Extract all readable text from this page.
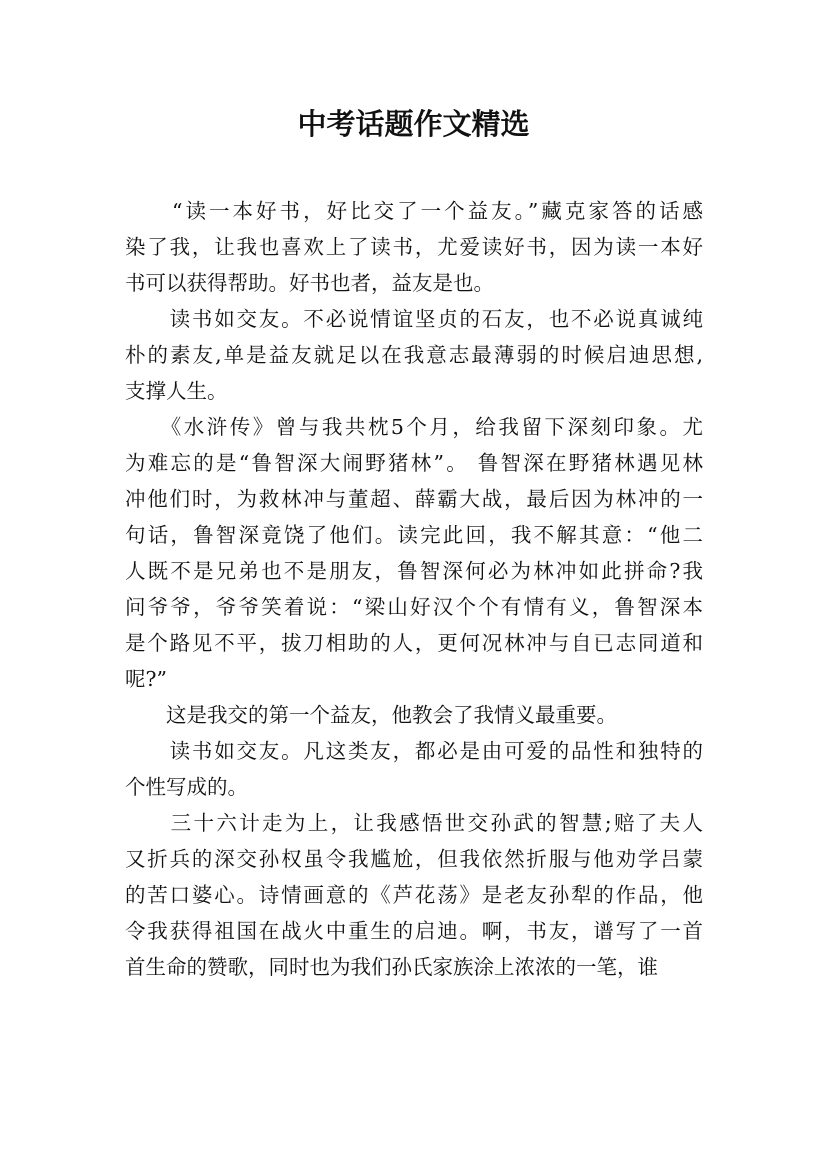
中考话题作文精选
　　“读一本好书，好比交了一个益友。”藏克家答的话感
染了我，让我也喜欢上了读书，尤爱读好书，因为读一本好
书可以获得帮助。好书也者，益友是也。
　　读书如交友。不必说情谊坚贞的石友，也不必说真诚纯
朴的素友,单是益友就足以在我意志最薄弱的时候启迪思想,
支撑人生。
　　《水浒传》曾与我共枕5个月，给我留下深刻印象。尤
为难忘的是“鲁智深大闹野猪林”。 鲁智深在野猪林遇见林
冲他们时，为救林冲与董超、薛霸大战，最后因为林冲的一
句话，鲁智深竟饶了他们。读完此回，我不解其意：“他二
人既不是兄弟也不是朋友，鲁智深何必为林冲如此拼命?我
问爷爷，爷爷笑着说：“梁山好汉个个有情有义，鲁智深本
是个路见不平，拔刀相助的人，更何况林冲与自已志同道和
呢?”
　　这是我交的第一个益友，他教会了我情义最重要。
　　读书如交友。凡这类友，都必是由可爱的品性和独特的
个性写成的。
　　三十六计走为上，让我感悟世交孙武的智慧;赔了夫人
又折兵的深交孙权虽令我尴尬，但我依然折服与他劝学吕蒙
的苦口婆心。诗情画意的《芦花荡》是老友孙犁的作品，他
令我获得祖国在战火中重生的启迪。啊，书友，谱写了一首
首生命的赞歌，同时也为我们孙氏家族涂上浓浓的一笔，谁
